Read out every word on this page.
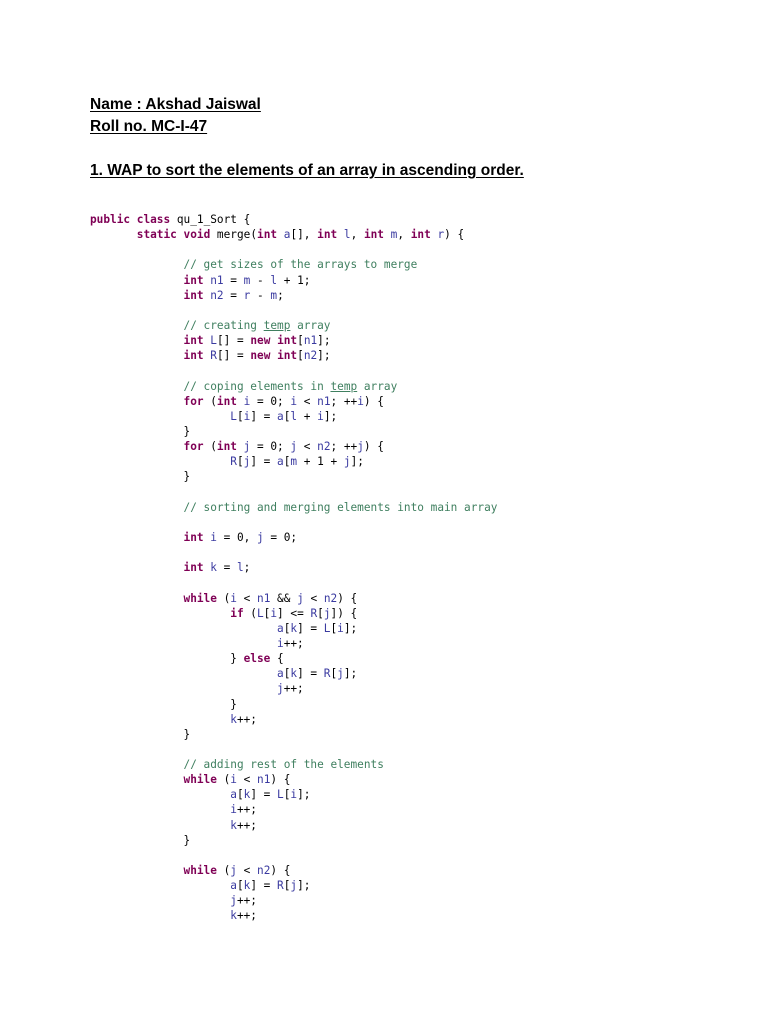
Name : Akshad Jaiswal
Roll no. MC-I-47
1. WAP to sort the elements of an array in ascending order.
public class qu_1_Sort {
static void merge(int a[], int l, int m, int r) {
// get sizes of the arrays to merge
int n1 = m - l + 1;
int n2 = r - m;
// creating temp array
int L[] = new int[n1];
int R[] = new int[n2];
// coping elements in temp array
for (int i = 0; i < n1; ++i) {
L[i] = a[l + i];
}
for (int j = 0; j < n2; ++j) {
R[j] = a[m + 1 + j];
}
// sorting and merging elements into main array
int i = 0, j = 0;
int k = l;
while (i < n1 && j < n2) {
if (L[i] <= R[j]) {
a[k] = L[i];
i++;
} else {
a[k] = R[j];
j++;
}
k++;
}
// adding rest of the elements
while (i < n1) {
a[k] = L[i];
i++;
k++;
}
while (j < n2) {
a[k] = R[j];
j++;
k++;
